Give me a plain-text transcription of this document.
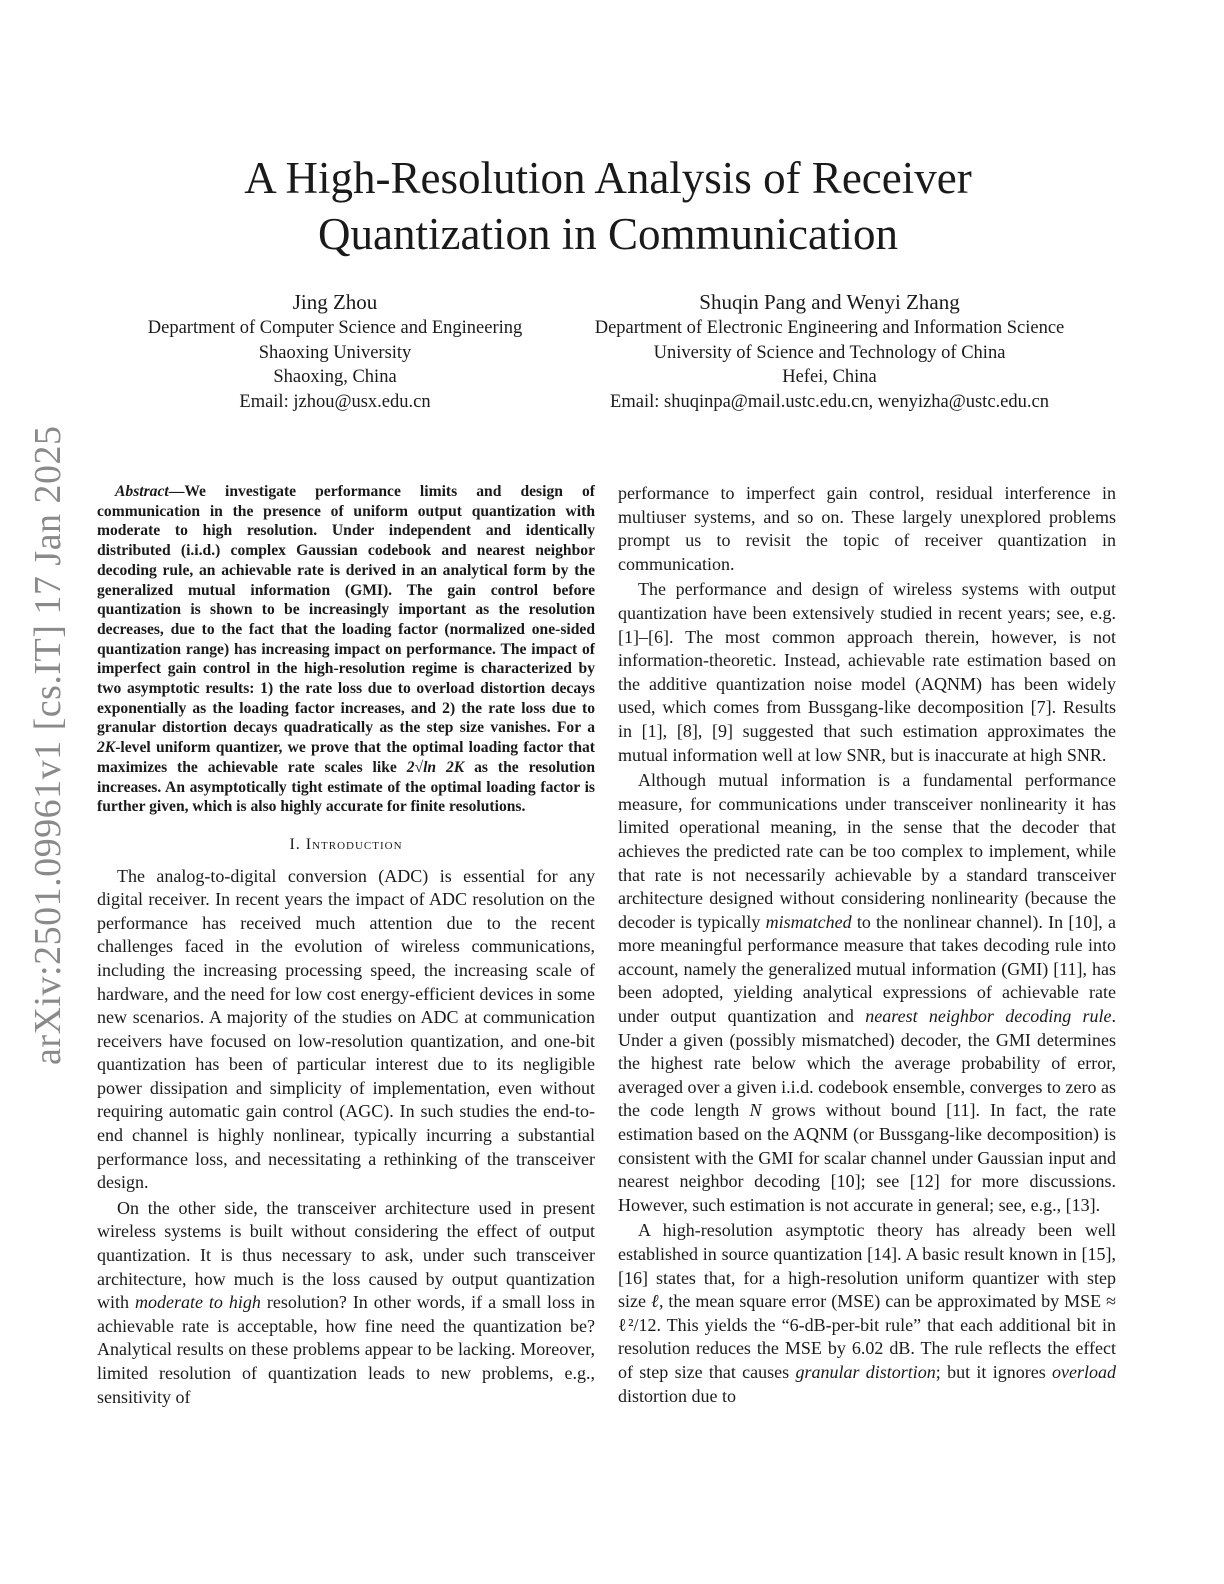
arXiv:2501.09961v1 [cs.IT] 17 Jan 2025
A High-Resolution Analysis of Receiver
Quantization in Communication
Jing Zhou
Department of Computer Science and Engineering
Shaoxing University
Shaoxing, China
Email: jzhou@usx.edu.cn
Shuqin Pang and Wenyi Zhang
Department of Electronic Engineering and Information Science
University of Science and Technology of China
Hefei, China
Email: shuqinpa@mail.ustc.edu.cn, wenyizha@ustc.edu.cn

Abstract—We investigate performance limits and design of communication in the presence of uniform output quantization with moderate to high resolution. Under independent and identically distributed (i.i.d.) complex Gaussian codebook and nearest neighbor decoding rule, an achievable rate is derived in an analytical form by the generalized mutual information (GMI). The gain control before quantization is shown to be increasingly important as the resolution decreases, due to the fact that the loading factor (normalized one-sided quantization range) has increasing impact on performance. The impact of imperfect gain control in the high-resolution regime is characterized by two asymptotic results: 1) the rate loss due to overload distortion decays exponentially as the loading factor increases, and 2) the rate loss due to granular distortion decays quadratically as the step size vanishes. For a 2K-level uniform quantizer, we prove that the optimal loading factor that maximizes the achievable rate scales like 2√ln 2K as the resolution increases. An asymptotically tight estimate of the optimal loading factor is further given, which is also highly accurate for finite resolutions.

I. Introduction

The analog-to-digital conversion (ADC) is essential for any digital receiver. In recent years the impact of ADC resolution on the performance has received much attention due to the recent challenges faced in the evolution of wireless communications, including the increasing processing speed, the increasing scale of hardware, and the need for low cost energy-efficient devices in some new scenarios. A majority of the studies on ADC at communication receivers have focused on low-resolution quantization, and one-bit quantization has been of particular interest due to its negligible power dissipation and simplicity of implementation, even without requiring automatic gain control (AGC). In such studies the end-to-end channel is highly nonlinear, typically incurring a substantial performance loss, and necessitating a rethinking of the transceiver design.

On the other side, the transceiver architecture used in present wireless systems is built without considering the effect of output quantization. It is thus necessary to ask, under such transceiver architecture, how much is the loss caused by output quantization with moderate to high resolution? In other words, if a small loss in achievable rate is acceptable, how fine need the quantization be? Analytical results on these problems appear to be lacking. Moreover, limited resolution of quantization leads to new problems, e.g., sensitivity of

performance to imperfect gain control, residual interference in multiuser systems, and so on. These largely unexplored problems prompt us to revisit the topic of receiver quantization in communication.

The performance and design of wireless systems with output quantization have been extensively studied in recent years; see, e.g. [1]–[6]. The most common approach therein, however, is not information-theoretic. Instead, achievable rate estimation based on the additive quantization noise model (AQNM) has been widely used, which comes from Bussgang-like decomposition [7]. Results in [1], [8], [9] suggested that such estimation approximates the mutual information well at low SNR, but is inaccurate at high SNR.

Although mutual information is a fundamental performance measure, for communications under transceiver nonlinearity it has limited operational meaning, in the sense that the decoder that achieves the predicted rate can be too complex to implement, while that rate is not necessarily achievable by a standard transceiver architecture designed without considering nonlinearity (because the decoder is typically mismatched to the nonlinear channel). In [10], a more meaningful performance measure that takes decoding rule into account, namely the generalized mutual information (GMI) [11], has been adopted, yielding analytical expressions of achievable rate under output quantization and nearest neighbor decoding rule. Under a given (possibly mismatched) decoder, the GMI determines the highest rate below which the average probability of error, averaged over a given i.i.d. codebook ensemble, converges to zero as the code length N grows without bound [11]. In fact, the rate estimation based on the AQNM (or Bussgang-like decomposition) is consistent with the GMI for scalar channel under Gaussian input and nearest neighbor decoding [10]; see [12] for more discussions. However, such estimation is not accurate in general; see, e.g., [13].

A high-resolution asymptotic theory has already been well established in source quantization [14]. A basic result known in [15], [16] states that, for a high-resolution uniform quantizer with step size ℓ, the mean square error (MSE) can be approximated by MSE ≈ ℓ²/12. This yields the “6-dB-per-bit rule” that each additional bit in resolution reduces the MSE by 6.02 dB. The rule reflects the effect of step size that causes granular distortion; but it ignores overload distortion due to
